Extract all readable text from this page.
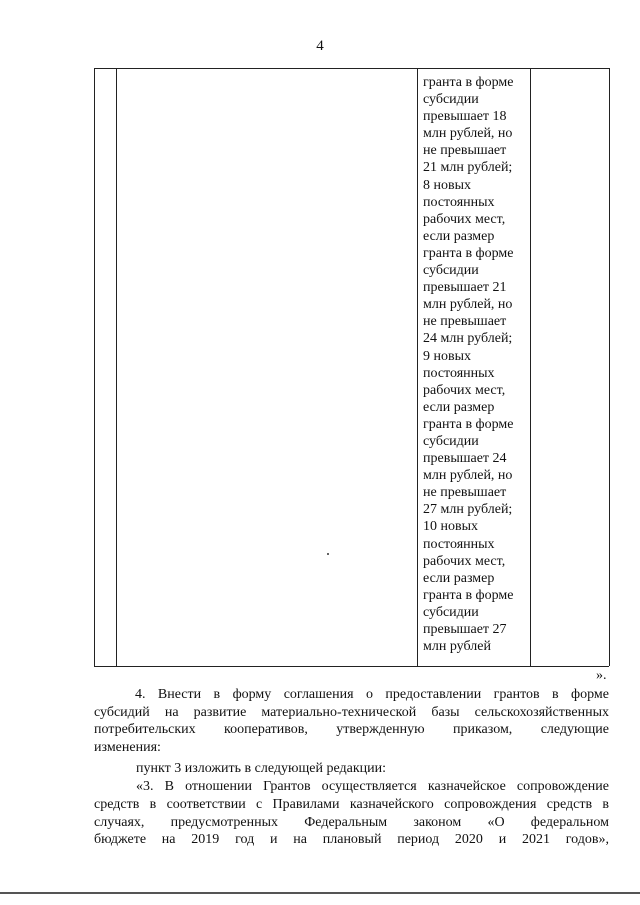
4
гранта в форме
субсидии
превышает 18
млн рублей, но
не превышает
21 млн рублей;
8 новых
постоянных
рабочих мест,
если размер
гранта в форме
субсидии
превышает 21
млн рублей, но
не превышает
24 млн рублей;
9 новых
постоянных
рабочих мест,
если размер
гранта в форме
субсидии
превышает 24
млн рублей, но
не превышает
27 млн рублей;
10 новых
постоянных
рабочих мест,
если размер
гранта в форме
субсидии
превышает 27
млн рублей
».
4. Внести в форму соглашения о предоставлении грантов в форме
субсидий на развитие материально-технической базы сельскохозяйственных
потребительских кооперативов, утвержденную приказом, следующие
изменения:
пункт 3 изложить в следующей редакции:
«3. В отношении Грантов осуществляется казначейское сопровождение
средств в соответствии с Правилами казначейского сопровождения средств в
случаях, предусмотренных Федеральным законом «О федеральном
бюджете на 2019 год и на плановый период 2020 и 2021 годов»,
